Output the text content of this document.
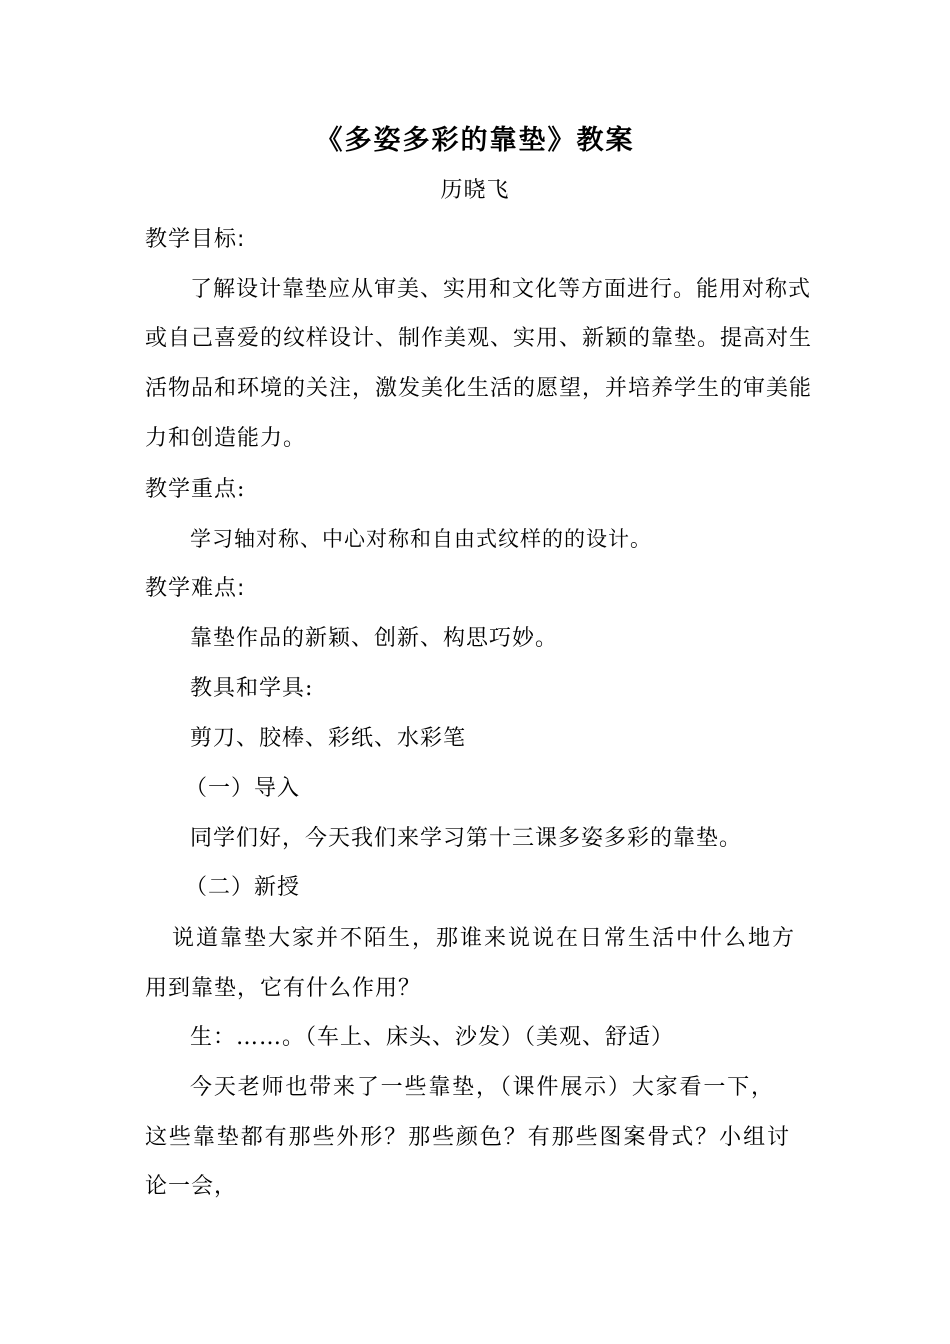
《多姿多彩的靠垫》教案
历晓飞
教学目标:
了解设计靠垫应从审美、实用和文化等方面进行。能用对称式
或自己喜爱的纹样设计、制作美观、实用、新颖的靠垫。提高对生
活物品和环境的关注，激发美化生活的愿望，并培养学生的审美能
力和创造能力。
教学重点:
学习轴对称、中心对称和自由式纹样的的设计。
教学难点:
靠垫作品的新颖、创新、构思巧妙。
教具和学具:
剪刀、胶棒、彩纸、水彩笔
（一）导入
同学们好，今天我们来学习第十三课多姿多彩的靠垫。
（二）新授
说道靠垫大家并不陌生，那谁来说说在日常生活中什么地方
用到靠垫，它有什么作用？
生：……。（车上、床头、沙发）（美观、舒适）
今天老师也带来了一些靠垫，（课件展示）大家看一下，
这些靠垫都有那些外形？那些颜色？有那些图案骨式？小组讨
论一会，
